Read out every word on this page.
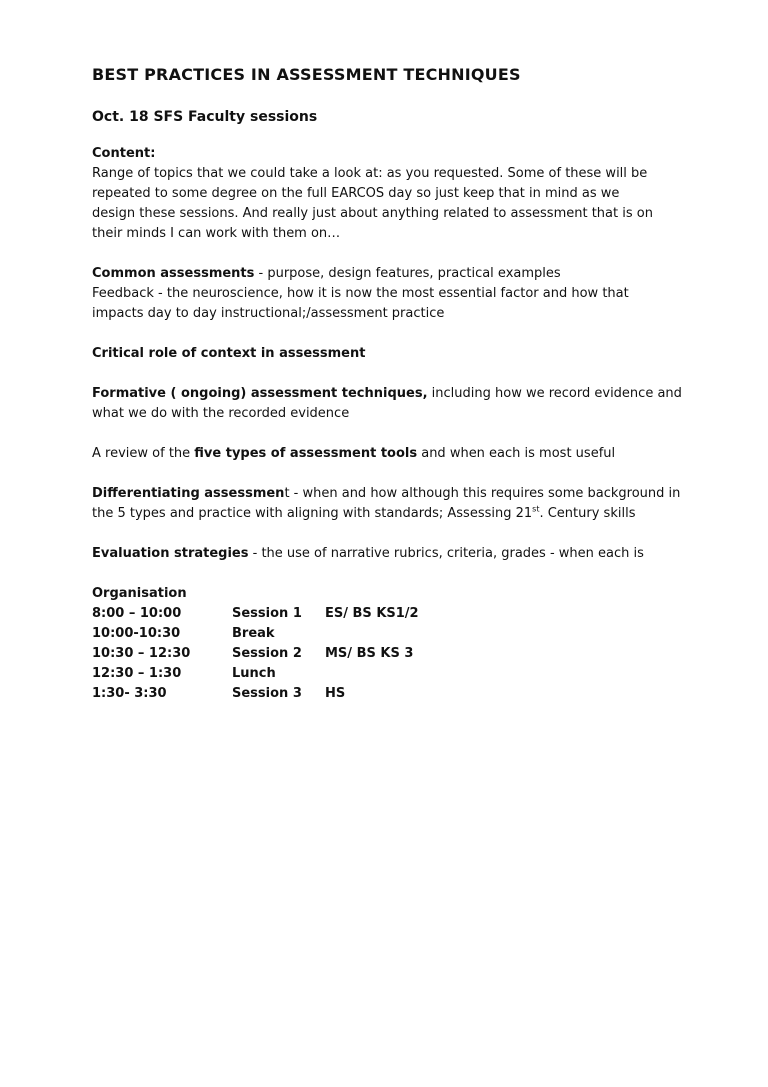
BEST PRACTICES IN ASSESSMENT TECHNIQUES
Oct. 18 SFS Faculty sessions

Content:

Range of topics that we could take a look at: as you requested. Some of these will be

repeated to some degree on the full EARCOS day so just keep that in mind as we

design these sessions. And really just about anything related to assessment that is on

their minds I can work with them on…

Common assessments - purpose, design features, practical examples

Feedback - the neuroscience, how it is now the most essential factor and how that

impacts day to day instructional;/assessment practice

Critical role of context in assessment

Formative ( ongoing) assessment techniques, including how we record evidence and

what we do with the recorded evidence

A review of the five types of assessment tools and when each is most useful

Differentiating assessment - when and how although this requires some background in

the 5 types and practice with aligning with standards; Assessing 21st. Century skills

Evaluation strategies - the use of narrative rubrics, criteria, grades - when each is

Organisation

8:00 – 10:00	Session 1	ES/ BS KS1/2
10:00-10:30	Break
10:30 – 12:30	Session 2	MS/ BS KS 3
12:30 – 1:30	Lunch
1:30- 3:30	Session 3	HS
